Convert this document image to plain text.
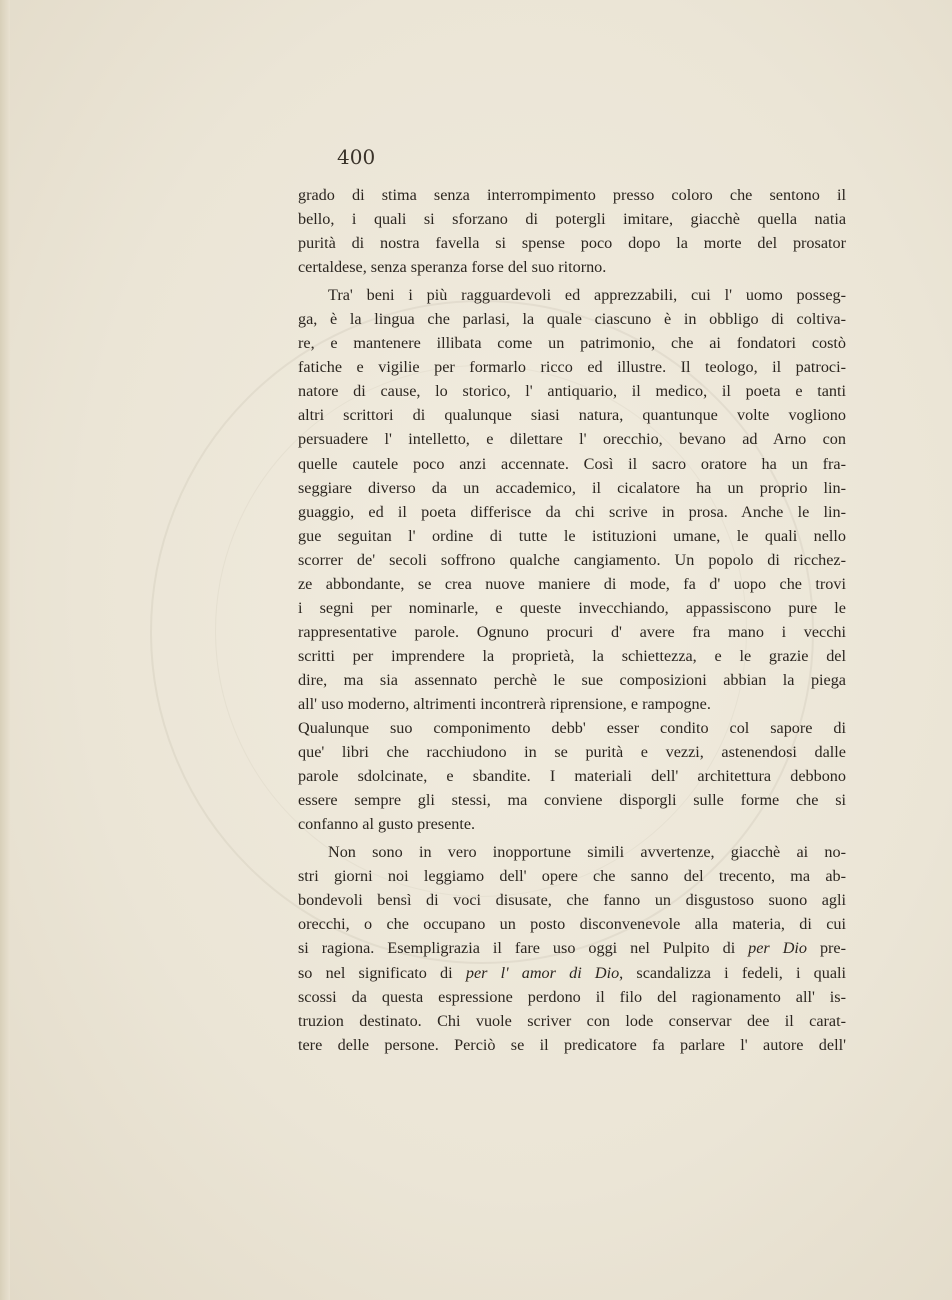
400
grado di stima senza interrompimento presso coloro che sentono il
bello, i quali si sforzano di potergli imitare, giacchè quella natia
purità di nostra favella si spense poco dopo la morte del prosator
certaldese, senza speranza forse del suo ritorno.
Tra' beni i più ragguardevoli ed apprezzabili, cui l' uomo posseg-
ga, è la lingua che parlasi, la quale ciascuno è in obbligo di coltiva-
re, e mantenere illibata come un patrimonio, che ai fondatori costò
fatiche e vigilie per formarlo ricco ed illustre. Il teologo, il patroci-
natore di cause, lo storico, l' antiquario, il medico, il poeta e tanti
altri scrittori di qualunque siasi natura, quantunque volte vogliono
persuadere l' intelletto, e dilettare l' orecchio, bevano ad Arno con
quelle cautele poco anzi accennate. Così il sacro oratore ha un fra-
seggiare diverso da un accademico, il cicalatore ha un proprio lin-
guaggio, ed il poeta differisce da chi scrive in prosa. Anche le lin-
gue seguitan l' ordine di tutte le istituzioni umane, le quali nello
scorrer de' secoli soffrono qualche cangiamento. Un popolo di ricchez-
ze abbondante, se crea nuove maniere di mode, fa d' uopo che trovi
i segni per nominarle, e queste invecchiando, appassiscono pure le
rappresentative parole. Ognuno procuri d' avere fra mano i vecchi
scritti per imprendere la proprietà, la schiettezza, e le grazie del
dire, ma sia assennato perchè le sue composizioni abbian la piega
all' uso moderno, altrimenti incontrerà riprensione, e rampogne.
Qualunque suo componimento debb' esser condito col sapore di
que' libri che racchiudono in se purità e vezzi, astenendosi dalle
parole sdolcinate, e sbandite. I materiali dell' architettura debbono
essere sempre gli stessi, ma conviene disporgli sulle forme che si
confanno al gusto presente.
Non sono in vero inopportune simili avvertenze, giacchè ai no-
stri giorni noi leggiamo dell' opere che sanno del trecento, ma ab-
bondevoli bensì di voci disusate, che fanno un disgustoso suono agli
orecchi, o che occupano un posto disconvenevole alla materia, di cui
si ragiona. Esempligrazia il fare uso oggi nel Pulpito di per Dio pre-
so nel significato di per l' amor di Dio, scandalizza i fedeli, i quali
scossi da questa espressione perdono il filo del ragionamento all' is-
truzion destinato. Chi vuole scriver con lode conservar dee il carat-
tere delle persone. Perciò se il predicatore fa parlare l' autore dell'
